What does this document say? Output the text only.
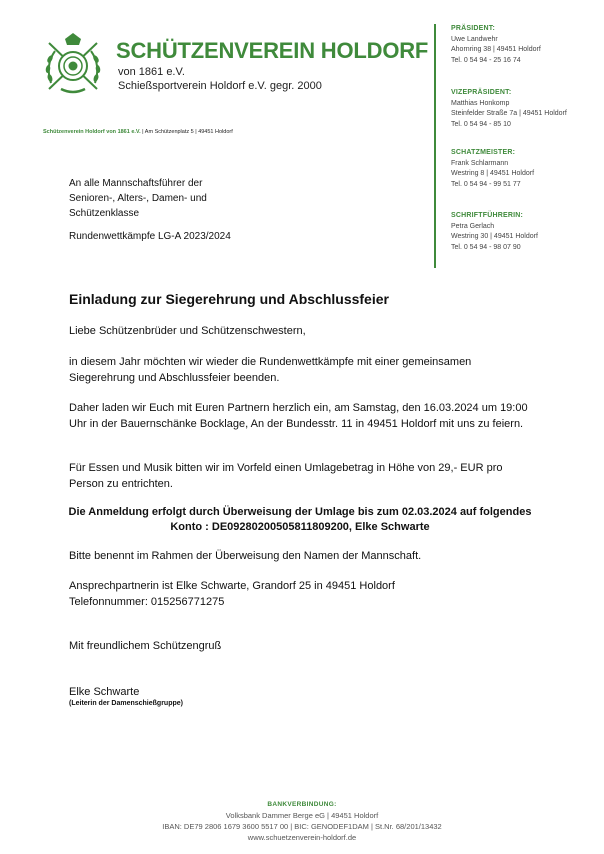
SCHÜTZENVEREIN HOLDORF
von 1861 e.V.
Schießsportverein Holdorf e.V. gegr. 2000
Schützenverein Holdorf von 1861 e.V. | Am Schützenplatz 5 | 49451 Holdorf
PRÄSIDENT:
Uwe Landwehr
Ahornring 38 | 49451 Holdorf
Tel. 0 54 94 - 25 16 74
VIZEPRÄSIDENT:
Matthias Honkomp
Steinfelder Straße 7a | 49451 Holdorf
Tel. 0 54 94 - 85 10
SCHATZMEISTER:
Frank Schlarmann
Westring 8 | 49451 Holdorf
Tel. 0 54 94 - 99 51 77
SCHRIFTFÜHRERIN:
Petra Gerlach
Westring 30 | 49451 Holdorf
Tel. 0 54 94 - 98 07 90
An alle Mannschaftsführer der
Senioren-, Alters-, Damen- und
Schützenklasse
Rundenwettkämpfe LG-A 2023/2024
Einladung zur Siegerehrung und Abschlussfeier
Liebe Schützenbrüder und Schützenschwestern,
in diesem Jahr möchten wir wieder die Rundenwettkämpfe mit einer gemeinsamen Siegerehrung und Abschlussfeier beenden.
Daher laden wir Euch mit Euren Partnern herzlich ein, am Samstag, den 16.03.2024 um 19:00 Uhr in der Bauernschänke Bocklage, An der Bundesstr. 11 in 49451 Holdorf mit uns zu feiern.
Für Essen und Musik bitten wir im Vorfeld einen Umlagebetrag in Höhe von 29,- EUR pro Person zu entrichten.
Die Anmeldung erfolgt durch Überweisung der Umlage bis zum 02.03.2024 auf folgendes
Konto : DE09280200505811809200, Elke Schwarte
Bitte benennt im Rahmen der Überweisung den Namen der Mannschaft.
Ansprechpartnerin ist Elke Schwarte, Grandorf 25 in 49451 Holdorf
Telefonnummer: 015256771275
Mit freundlichem Schützengruß
Elke Schwarte
(Leiterin der Damenschießgruppe)
BANKVERBINDUNG:
Volksbank Dammer Berge eG | 49451 Holdorf
IBAN: DE79 2806 1679 3600 5517 00 | BIC: GENODEF1DAM | St.Nr. 68/201/13432
www.schuetzenverein-holdorf.de
